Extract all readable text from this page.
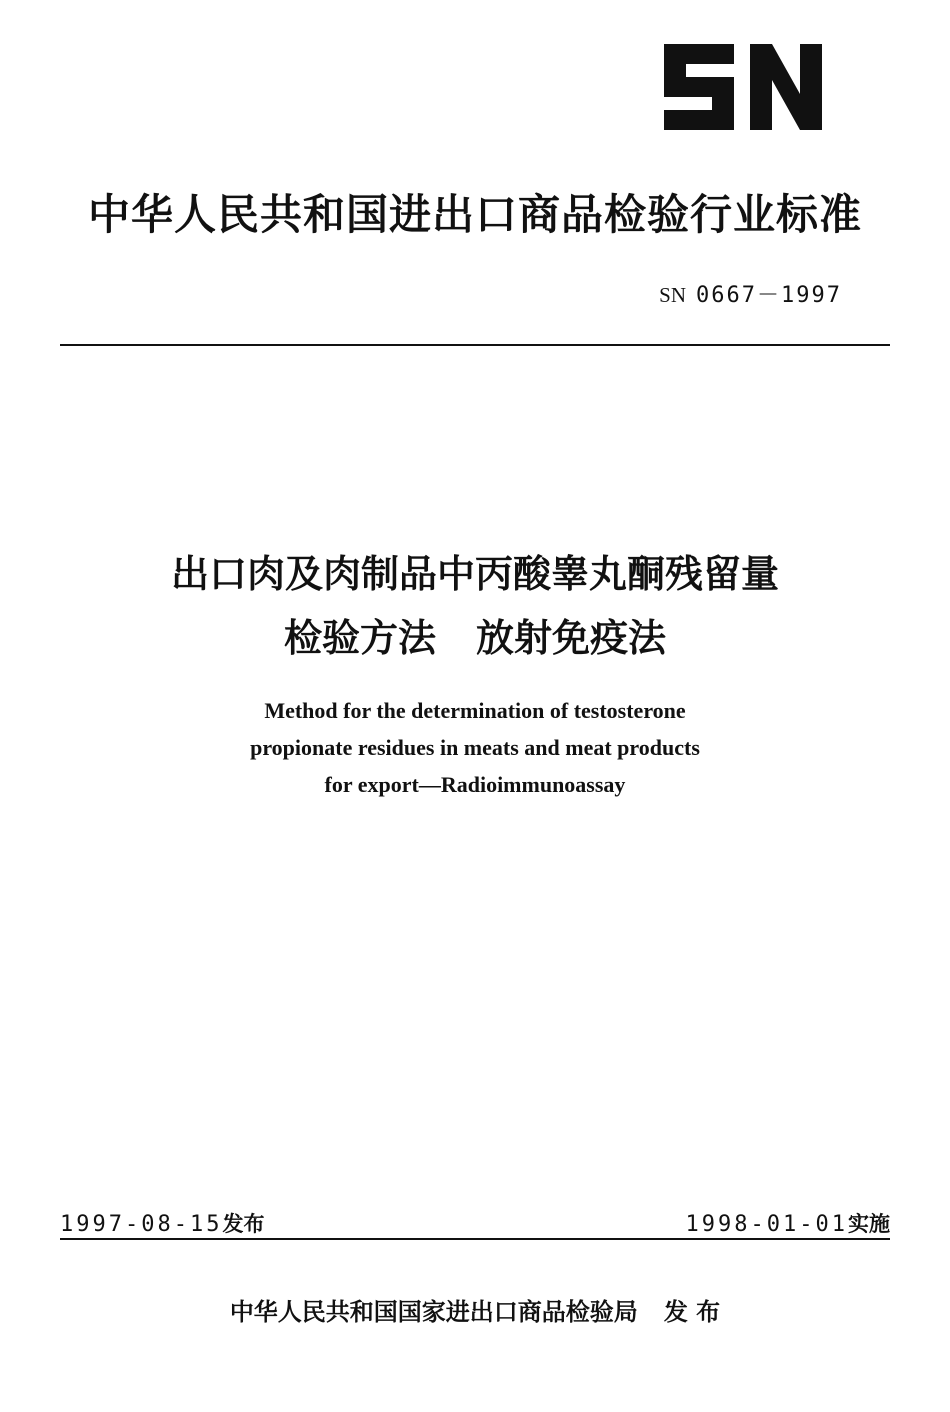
中华人民共和国进出口商品检验行业标准
SN 0667－1997
出口肉及肉制品中丙酸睾丸酮残留量
检验方法 放射免疫法
Method for the determination of testosterone
propionate residues in meats and meat products
for export—Radioimmunoassay
1997-08-15发布	1998-01-01实施
中华人民共和国国家进出口商品检验局 发 布
